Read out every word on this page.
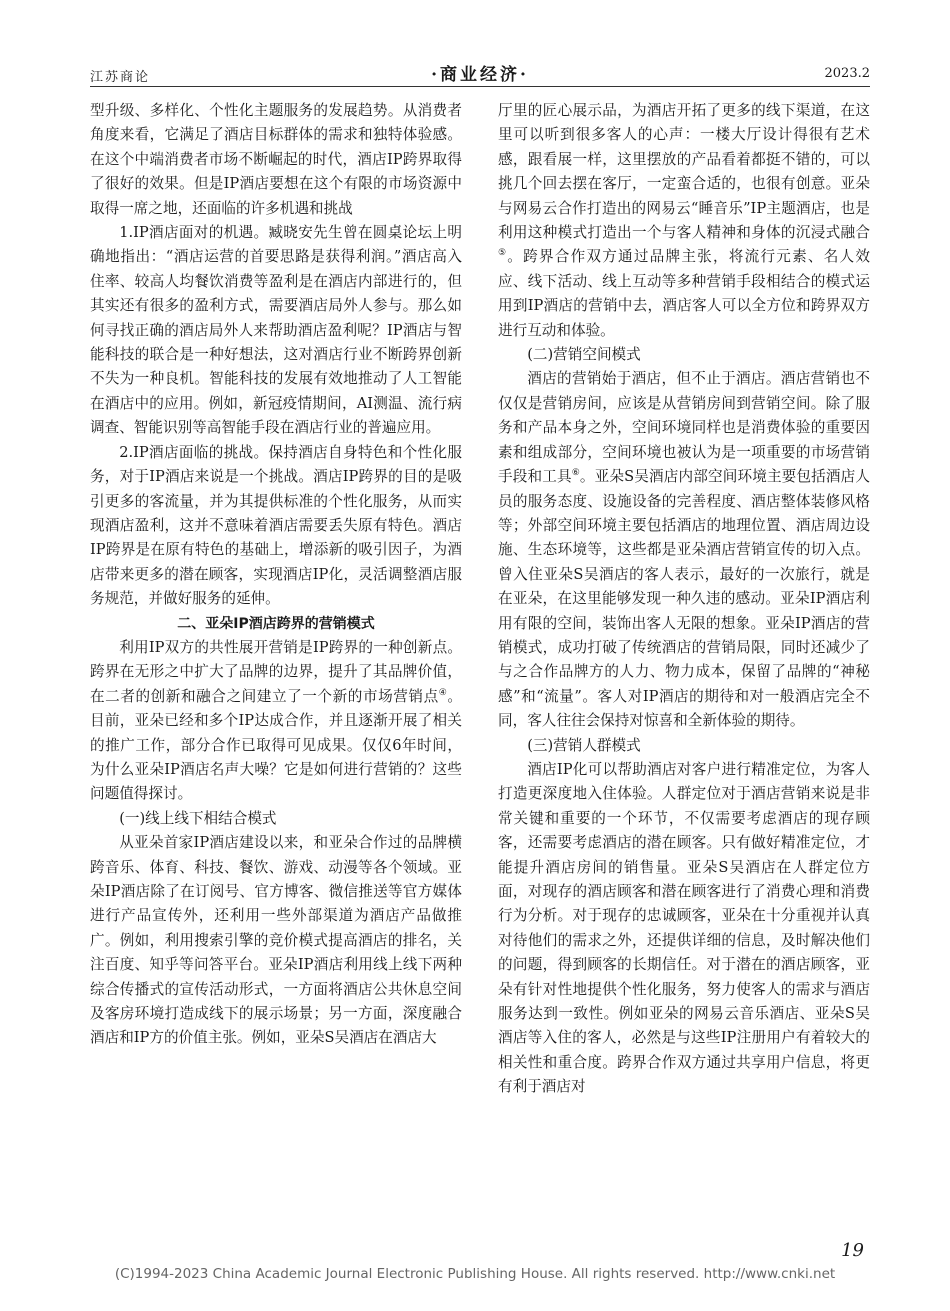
江苏商论	·商业经济·	2023.2

型升级、多样化、个性化主题服务的发展趋势。从消费者角度来看，它满足了酒店目标群体的需求和独特体验感。在这个中端消费者市场不断崛起的时代，酒店IP跨界取得了很好的效果。但是IP酒店要想在这个有限的市场资源中取得一席之地，还面临的许多机遇和挑战

1.IP酒店面对的机遇。臧晓安先生曾在圆桌论坛上明确地指出：“酒店运营的首要思路是获得利润。”酒店高入住率、较高人均餐饮消费等盈利是在酒店内部进行的，但其实还有很多的盈利方式，需要酒店局外人参与。那么如何寻找正确的酒店局外人来帮助酒店盈利呢？IP酒店与智能科技的联合是一种好想法，这对酒店行业不断跨界创新不失为一种良机。智能科技的发展有效地推动了人工智能在酒店中的应用。例如，新冠疫情期间，AI测温、流行病调查、智能识别等高智能手段在酒店行业的普遍应用。

2.IP酒店面临的挑战。保持酒店自身特色和个性化服务，对于IP酒店来说是一个挑战。酒店IP跨界的目的是吸引更多的客流量，并为其提供标准的个性化服务，从而实现酒店盈利，这并不意味着酒店需要丢失原有特色。酒店IP跨界是在原有特色的基础上，增添新的吸引因子，为酒店带来更多的潜在顾客，实现酒店IP化，灵活调整酒店服务规范，并做好服务的延伸。

二、亚朵IP酒店跨界的营销模式

利用IP双方的共性展开营销是IP跨界的一种创新点。跨界在无形之中扩大了品牌的边界，提升了其品牌价值，在二者的创新和融合之间建立了一个新的市场营销点④。目前，亚朵已经和多个IP达成合作，并且逐渐开展了相关的推广工作，部分合作已取得可见成果。仅仅6年时间，为什么亚朵IP酒店名声大噪？它是如何进行营销的？这些问题值得探讨。

(一)线上线下相结合模式

从亚朵首家IP酒店建设以来，和亚朵合作过的品牌横跨音乐、体育、科技、餐饮、游戏、动漫等各个领域。亚朵IP酒店除了在订阅号、官方博客、微信推送等官方媒体进行产品宣传外，还利用一些外部渠道为酒店产品做推广。例如，利用搜索引擎的竞价模式提高酒店的排名，关注百度、知乎等问答平台。亚朵IP酒店利用线上线下两种综合传播式的宣传活动形式，一方面将酒店公共休息空间及客房环境打造成线下的展示场景；另一方面，深度融合酒店和IP方的价值主张。例如，亚朵S吴酒店在酒店大

厅里的匠心展示品，为酒店开拓了更多的线下渠道，在这里可以听到很多客人的心声：一楼大厅设计得很有艺术感，跟看展一样，这里摆放的产品看着都挺不错的，可以挑几个回去摆在客厅，一定蛮合适的，也很有创意。亚朵与网易云合作打造出的网易云“睡音乐”IP主题酒店，也是利用这种模式打造出一个与客人精神和身体的沉浸式融合⑤。跨界合作双方通过品牌主张，将流行元素、名人效应、线下活动、线上互动等多种营销手段相结合的模式运用到IP酒店的营销中去，酒店客人可以全方位和跨界双方进行互动和体验。

(二)营销空间模式

酒店的营销始于酒店，但不止于酒店。酒店营销也不仅仅是营销房间，应该是从营销房间到营销空间。除了服务和产品本身之外，空间环境同样也是消费体验的重要因素和组成部分，空间环境也被认为是一项重要的市场营销手段和工具⑥。亚朵S吴酒店内部空间环境主要包括酒店人员的服务态度、设施设备的完善程度、酒店整体装修风格等；外部空间环境主要包括酒店的地理位置、酒店周边设施、生态环境等，这些都是亚朵酒店营销宣传的切入点。曾入住亚朵S吴酒店的客人表示，最好的一次旅行，就是在亚朵，在这里能够发现一种久违的感动。亚朵IP酒店利用有限的空间，装饰出客人无限的想象。亚朵IP酒店的营销模式，成功打破了传统酒店的营销局限，同时还减少了与之合作品牌方的人力、物力成本，保留了品牌的“神秘感”和“流量”。客人对IP酒店的期待和对一般酒店完全不同，客人往往会保持对惊喜和全新体验的期待。

(三)营销人群模式

酒店IP化可以帮助酒店对客户进行精准定位，为客人打造更深度地入住体验。人群定位对于酒店营销来说是非常关键和重要的一个环节，不仅需要考虑酒店的现存顾客，还需要考虑酒店的潜在顾客。只有做好精准定位，才能提升酒店房间的销售量。亚朵S吴酒店在人群定位方面，对现存的酒店顾客和潜在顾客进行了消费心理和消费行为分析。对于现存的忠诚顾客，亚朵在十分重视并认真对待他们的需求之外，还提供详细的信息，及时解决他们的问题，得到顾客的长期信任。对于潜在的酒店顾客，亚朵有针对性地提供个性化服务，努力使客人的需求与酒店服务达到一致性。例如亚朵的网易云音乐酒店、亚朵S吴酒店等入住的客人，必然是与这些IP注册用户有着较大的相关性和重合度。跨界合作双方通过共享用户信息，将更有利于酒店对

19
(C)1994-2023 China Academic Journal Electronic Publishing House. All rights reserved. http://www.cnki.net
